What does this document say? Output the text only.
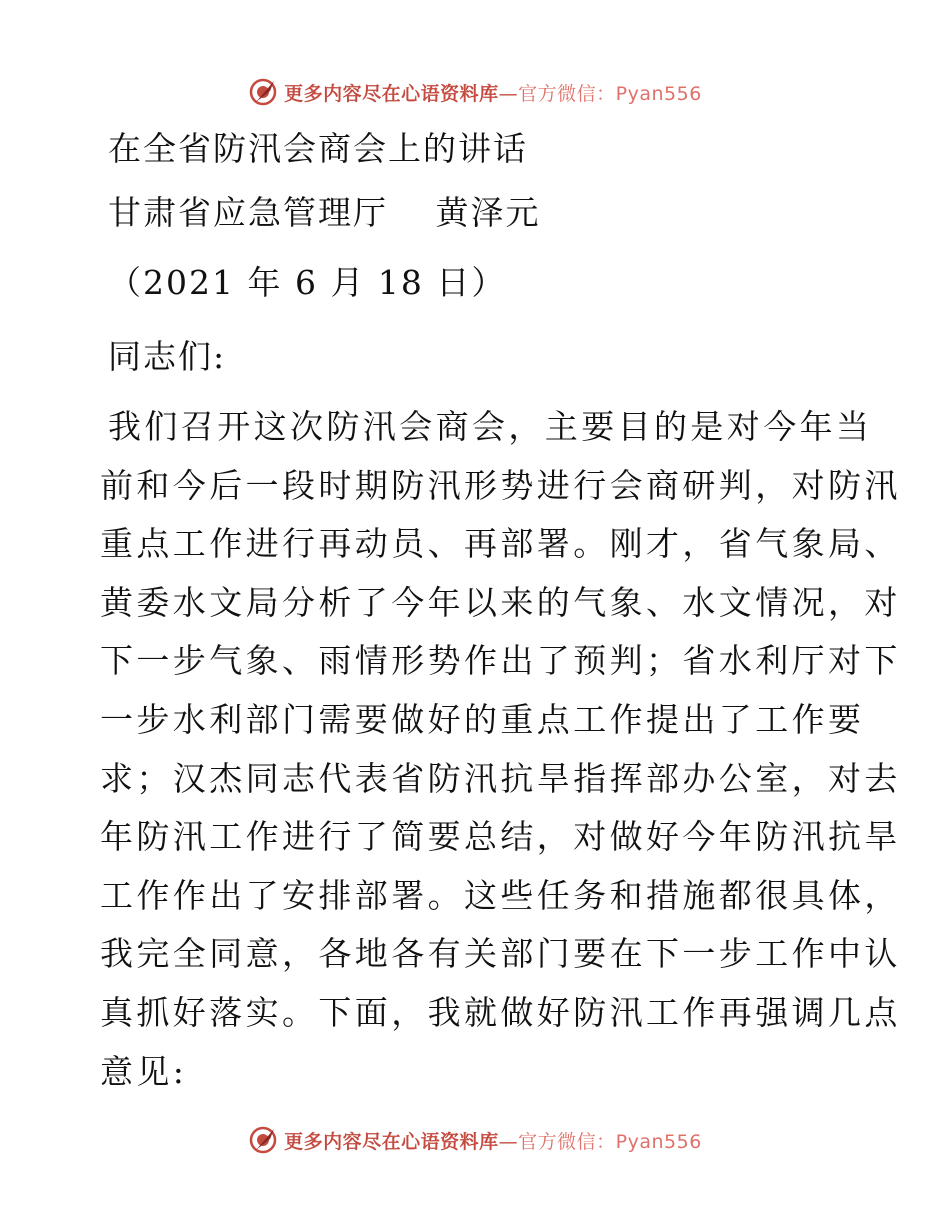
更多内容尽在心语资料库—官方微信：Pyan556
在全省防汛会商会上的讲话
甘肃省应急管理厅　 黄泽元
（2021 年 6 月 18 日）
同志们:
我们召开这次防汛会商会，主要目的是对今年当
前和今后一段时期防汛形势进行会商研判，对防汛
重点工作进行再动员、再部署。刚才，省气象局、
黄委水文局分析了今年以来的气象、水文情况，对
下一步气象、雨情形势作出了预判；省水利厅对下
一步水利部门需要做好的重点工作提出了工作要
求；汉杰同志代表省防汛抗旱指挥部办公室，对去
年防汛工作进行了简要总结，对做好今年防汛抗旱
工作作出了安排部署。这些任务和措施都很具体，
我完全同意，各地各有关部门要在下一步工作中认
真抓好落实。下面，我就做好防汛工作再强调几点
意见:
更多内容尽在心语资料库—官方微信：Pyan556
